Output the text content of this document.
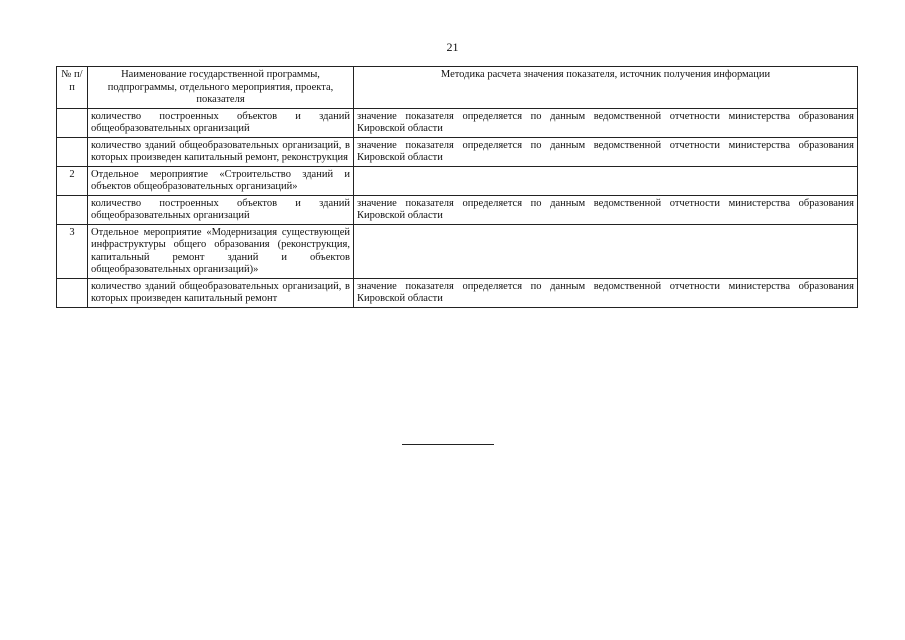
21
№ п/п	Наименование государственной программы, подпрограммы, отдельного мероприятия, проекта, показателя	Методика расчета значения показателя, источник получения информации
	количество построенных объектов и зданий общеобразовательных организаций	значение показателя определяется по данным ведомственной отчетности министерства образования Кировской области
	количество зданий общеобразовательных организаций, в которых произведен капитальный ремонт, реконструкция	значение показателя определяется по данным ведомственной отчетности министерства образования Кировской области
2	Отдельное мероприятие «Строительство зданий и объектов общеобразовательных организаций»	
	количество построенных объектов и зданий общеобразовательных организаций	значение показателя определяется по данным ведомственной отчетности министерства образования Кировской области
3	Отдельное мероприятие «Модернизация существующей инфраструктуры общего образования (реконструкция, капитальный ремонт зданий и объектов общеобразовательных организаций)»	
	количество зданий общеобразовательных организаций, в которых произведен капитальный ремонт	значение показателя определяется по данным ведомственной отчетности министерства образования Кировской области
